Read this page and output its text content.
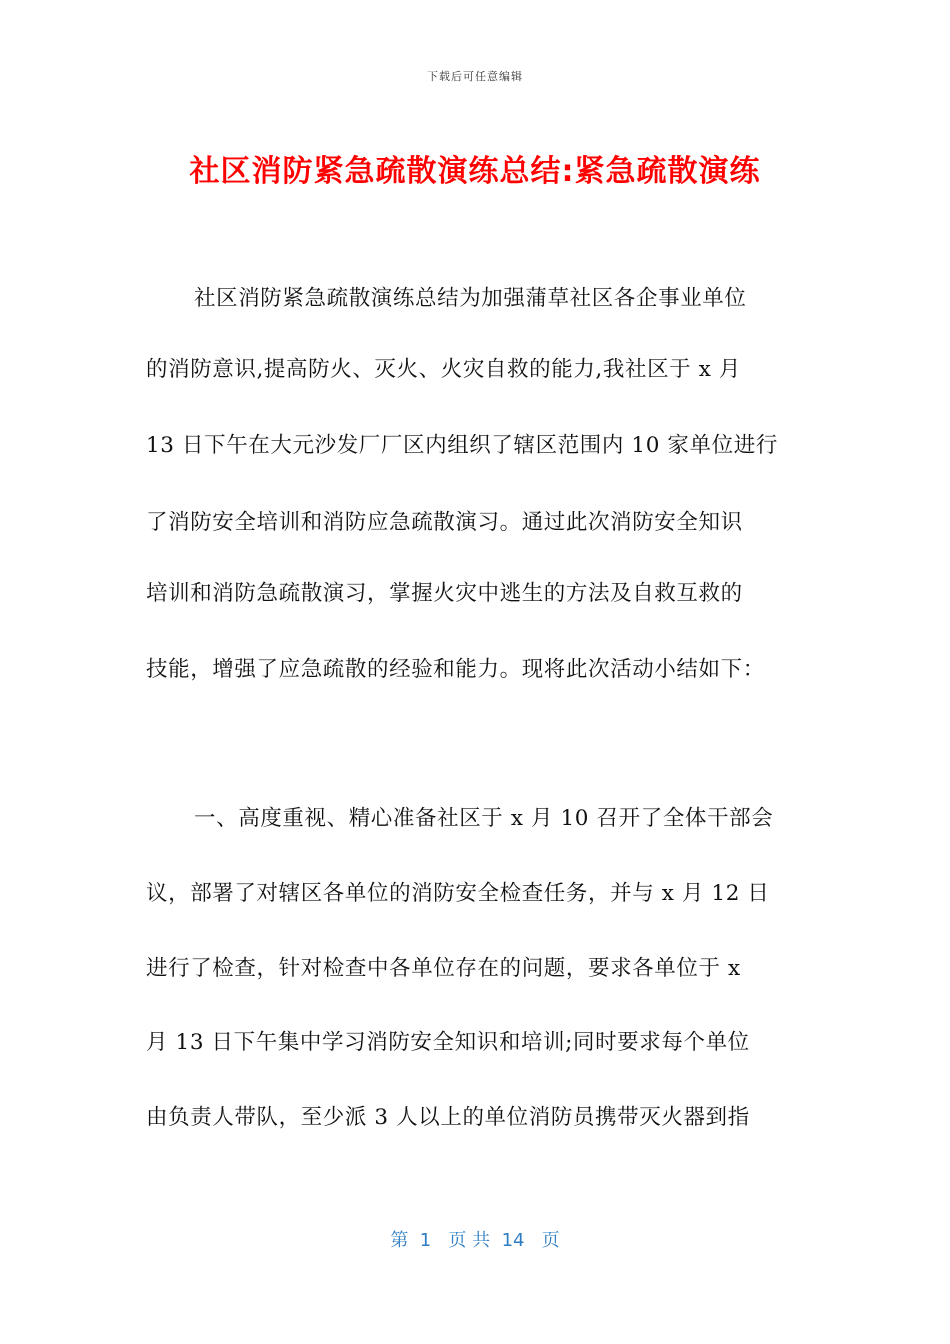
下载后可任意编辑
社区消防紧急疏散演练总结:紧急疏散演练
社区消防紧急疏散演练总结为加强蒲草社区各企事业单位
的消防意识,提高防火、灭火、火灾自救的能力,我社区于 x 月
13 日下午在大元沙发厂厂区内组织了辖区范围内 10 家单位进行
了消防安全培训和消防应急疏散演习。通过此次消防安全知识
培训和消防急疏散演习，掌握火灾中逃生的方法及自救互救的
技能，增强了应急疏散的经验和能力。现将此次活动小结如下：
一、高度重视、精心准备社区于 x 月 10 召开了全体干部会
议，部署了对辖区各单位的消防安全检查任务，并与 x 月 12 日
进行了检查，针对检查中各单位存在的问题，要求各单位于 x
月 13 日下午集中学习消防安全知识和培训;同时要求每个单位
由负责人带队，至少派 3 人以上的单位消防员携带灭火器到指
第  1   页 共  14   页
